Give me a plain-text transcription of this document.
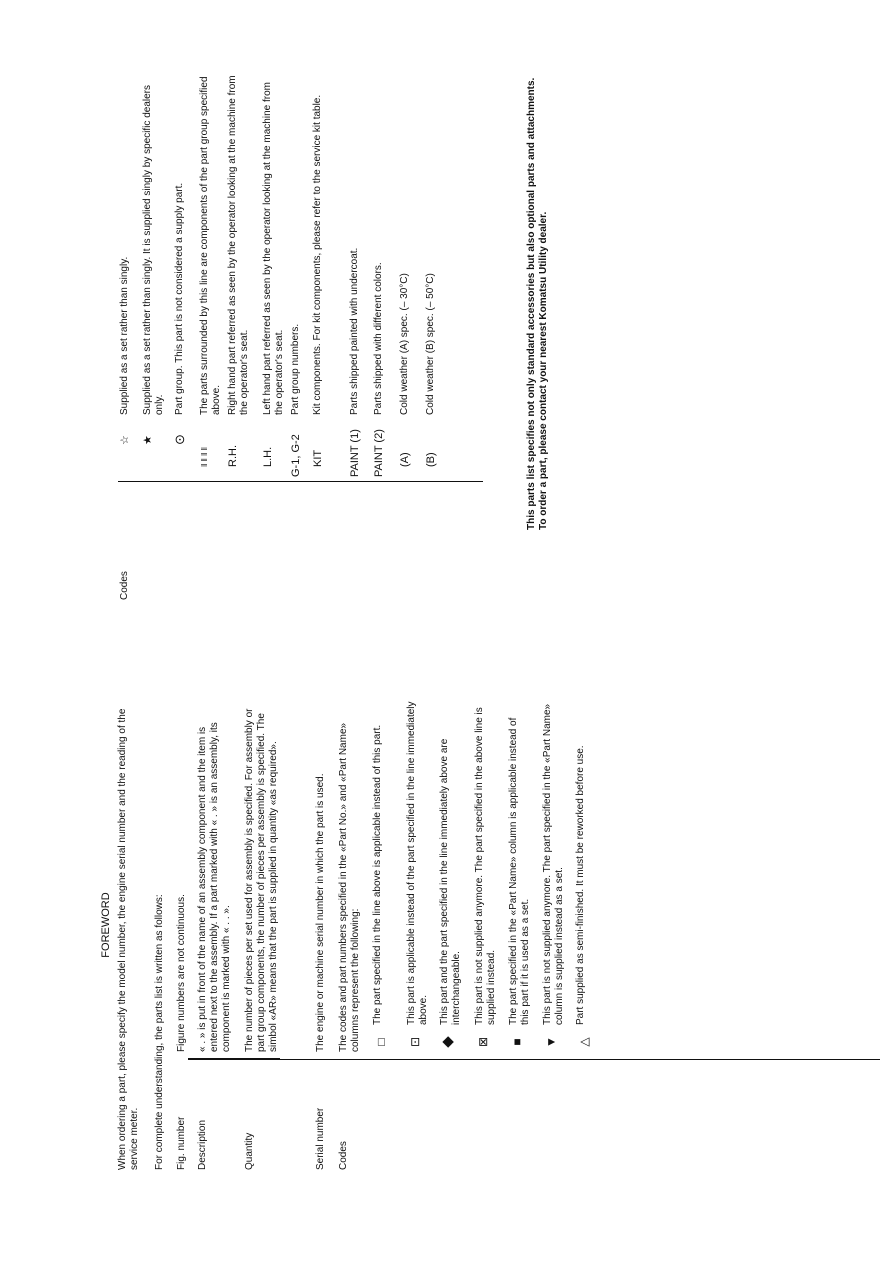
FOREWORD When ordering a part, please specify the model number, the engine serial number and the reading of the service meter. For complete understanding, the parts list is written as follows: Fig. number
Figure numbers are not continuous.
Description
« . » is put in front of the name of an assembly component and the item is entered next to the assembly. If a part marked with « . » is an assembly, its component is marked with « . . ».
Quantity
The number of pieces per set used for assembly is specified. For assembly or part group components, the number of pieces per assembly is specified. The simbol «AR» means that the part is supplied in quantity «as required».
Serial number
The engine or machine serial number in which the part is used.
Codes
The codes and part numbers specified in the «Part No.» and «Part Name» columns represent the following: □
The part specified in the line above is applicable instead of this part.
⊡
This part is applicable instead of the part specified in the line immediately above.
◆
This part and the part specified in the line immediately above are interchangeable.
⊠
This part is not supplied anymore. The part specified in the above line is supplied instead.
■
The part specified in the «Part Name» column is applicable instead of this part if it is used as a set.
▼
This part is not supplied anymore. The part specified in the «Part Name» column is supplied instead as a set.
△
Part supplied as semi-finished. It must be reworked before use.
Codes
☆
Supplied as a set rather than singly.
★
Supplied as a set rather than singly. It is supplied singly by specific dealers only.
⊙
Part group. This part is not considered a supply part.
‖ ‖ ‖ ‖
The parts surrounded by this line are components of the part group specified above.
R.H.
Right hand part referred as seen by the operator looking at the machine from the operator's seat.
L.H.
Left hand part referred as seen by the operator looking at the machine from the operator's seat.
G-1, G-2
Part group numbers.
KIT
Kit components. For kit components, please refer to the service kit table.
PAINT (1)
Parts shipped painted with undercoat.
PAINT (2)
Parts shipped with different colors.
(A)
Cold weather (A) spec. (– 30°C)
(B)
Cold weather (B) spec. (– 50°C)	This parts list specifies not only standard accessories but also optional parts and attachments. To order a part, please contact your nearest Komatsu Utility dealer.
